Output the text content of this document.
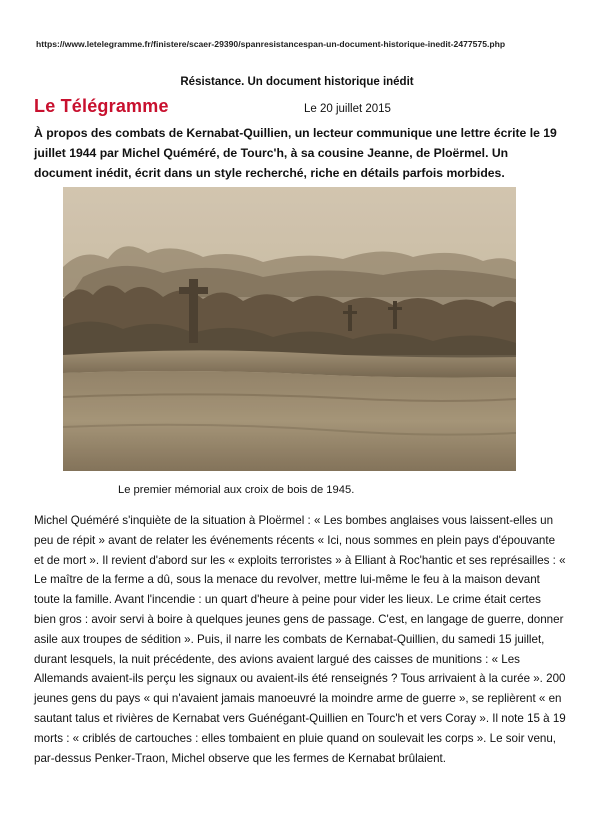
https://www.letelegramme.fr/finistere/scaer-29390/spanresistancespan-un-document-historique-inedit-2477575.php
Résistance. Un document historique inédit
Le Télégramme	Le 20 juillet 2015
À propos des combats de Kernabat-Quillien, un lecteur communique une lettre écrite le 19 juillet 1944 par Michel Quéméré, de Tourc'h, à sa cousine Jeanne, de Ploërmel. Un document inédit, écrit dans un style recherché, riche en détails parfois morbides.
Le premier mémorial aux croix de bois de 1945.
Michel Quéméré s'inquiète de la situation à Ploërmel : « Les bombes anglaises vous laissent-elles un peu de répit » avant de relater les événements récents « Ici, nous sommes en plein pays d'épouvante et de mort ». Il revient d'abord sur les « exploits terroristes » à Elliant à Roc'hantic et ses représailles : « Le maître de la ferme a dû, sous la menace du revolver, mettre lui-même le feu à la maison devant toute la famille. Avant l'incendie : un quart d'heure à peine pour vider les lieux. Le crime était certes bien gros : avoir servi à boire à quelques jeunes gens de passage. C'est, en langage de guerre, donner asile aux troupes de sédition ». Puis, il narre les combats de Kernabat-Quillien, du samedi 15 juillet, durant lesquels, la nuit précédente, des avions avaient largué des caisses de munitions : « Les Allemands avaient-ils perçu les signaux ou avaient-ils été renseignés ? Tous arrivaient à la curée ». 200 jeunes gens du pays « qui n'avaient jamais manoeuvré la moindre arme de guerre », se replièrent « en sautant talus et rivières de Kernabat vers Guénégant-Quillien en Tourc'h et vers Coray ». Il note 15 à 19 morts : « criblés de cartouches : elles tombaient en pluie quand on soulevait les corps ». Le soir venu, par-dessus Penker-Traon, Michel observe que les fermes de Kernabat brûlaient.
